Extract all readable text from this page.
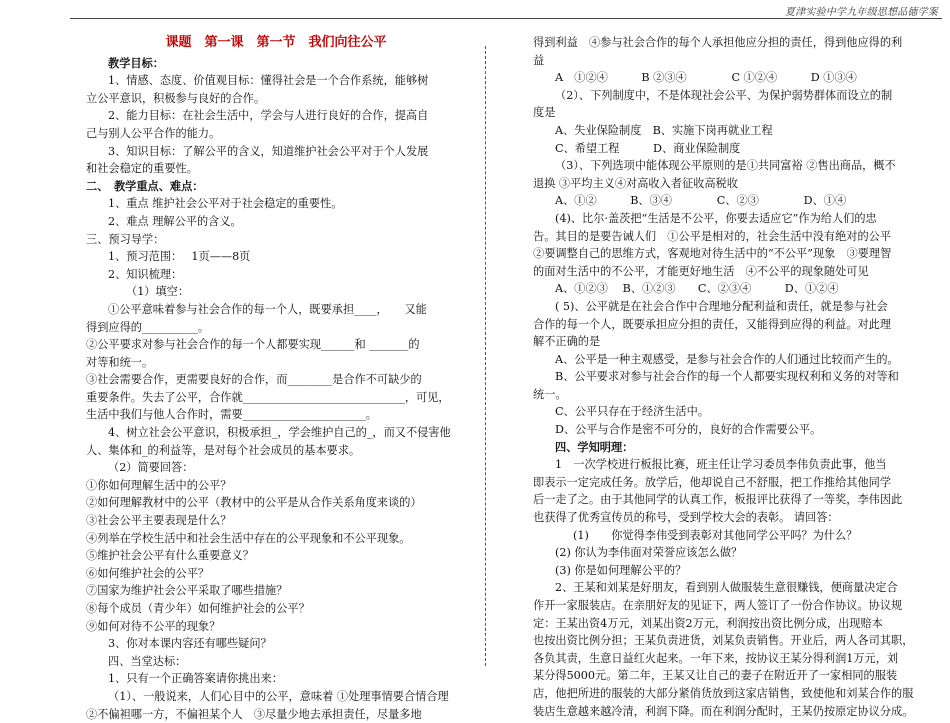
夏津实验中学九年级思想品德学案

课题　第一课　第一节　我们向往公平

教学目标：

1、情感、态度、价值观目标：懂得社会是一个合作系统，能够树

立公平意识，积极参与良好的合作。

2、能力目标：在社会生活中，学会与人进行良好的合作，提高自

己与别人公平合作的能力。

3、知识目标：了解公平的含义，知道维护社会公平对于个人发展

和社会稳定的重要性。

二、　教学重点、难点：

1、重点 维护社会公平对于社会稳定的重要性。

2、难点 理解公平的含义。

三、预习导学：

1、预习范围：　 1页——8页

2、知识梳理：

（1）填空：

①公平意味着参与社会合作的每一个人，既要承担____，　　又能

得到应得的__________。

②公平要求对参与社会合作的每一个人都要实现______和 _______的

对等和统一。

③社会需要合作，更需要良好的合作，而________是合作不可缺少的

重要条件。失去了公平，合作就_____________________________，可见，

生活中我们与他人合作时，需要______________________。

4、树立社会公平意识，积极承担_，学会维护自己的_，而又不侵害他

人、集体和_的利益等，是对每个社会成员的基本要求。

（2）简要回答：

①你如何理解生活中的公平？

②如何理解教材中的公平（教材中的公平是从合作关系角度来谈的）

③社会公平主要表现是什么？

④列举在学校生活中和社会生活中存在的公平现象和不公平现象。

⑤维护社会公平有什么重要意义？

⑥如何维护社会的公平？

⑦国家为维护社会公平采取了哪些措施？

⑧每个成员（青少年）如何维护社会的公平？

⑨如何对待不公平的现象？

3、你对本课内容还有哪些疑问？

四、当堂达标：

1、只有一个正确答案请你挑出来：

（1）、一般说来，人们心目中的公平，意味着 ①处理事情要合情合理

②不偏袒哪一方，不偏袒某个人　③尽量少地去承担责任，尽量多地

得到利益　④参与社会合作的每个人承担他应分担的责任，得到他应得的利

益

A　①②④　　　B ②③④　　　　C ①②④　　　D ①③④

（2）、下列制度中，不是体现社会公平、为保护弱势群体而设立的制

度是

A、失业保险制度　B、实施下岗再就业工程

C、希望工程　　　D、商业保险制度

（3）、下列选项中能体现公平原则的是①共同富裕 ②售出商品，概不

退换 ③平均主义④对高收入者征收高税收

A、①②　　　B、③④　　　　C、②③　　　　D、①④

(4)、比尔·盖茨把“生活是不公平，你要去适应它”作为给人们的忠

告。其目的是要告诫人们　①公平是相对的，社会生活中没有绝对的公平

②要调整自己的思维方式，客观地对待生活中的“不公平”现象　③要理智

的面对生活中的不公平，才能更好地生活　④不公平的现象随处可见

A、①②③　 B、①②③　　C、②③④　　　D、①②④

( 5)、公平就是在社会合作中合理地分配利益和责任，就是参与社会

合作的每一个人，既要承担应分担的责任，又能得到应得的利益。对此理

解不正确的是

A、公平是一种主观感受，是参与社会合作的人们通过比较而产生的。

B、公平要求对参与社会合作的每一个人都要实现权利和义务的对等和

统一。

C、公平只存在于经济生活中。

D、公平与合作是密不可分的，良好的合作需要公平。

四、学知明理：

1　一次学校进行板报比赛，班主任让学习委员李伟负责此事，他当

即表示一定完成任务。放学后，他却说自己不舒服，把工作推给其他同学

后一走了之。由于其他同学的认真工作，板报评比获得了一等奖，李伟因此

也获得了优秀宣传员的称号，受到学校大会的表彰。 请回答：

(1)　　你觉得李伟受到表彰对其他同学公平吗？为什么？

(2) 你认为李伟面对荣誉应该怎么做？

(3) 你是如何理解公平的？

2、王某和刘某是好朋友，看到别人做服装生意很赚钱，便商量决定合

作开一家服装店。在亲朋好友的见证下，两人签订了一份合作协议。协议规

定：王某出资4万元，刘某出资2万元，利润按出资比例分成，出现赔本

也按出资比例分担；王某负责进货，刘某负责销售。开业后，两人各司其职，

各负其责，生意日益红火起来。一年下来，按协议王某分得利润1万元，刘

某分得5000元。第二年，王某又让自己的妻子在附近开了一家相同的服装

店，他把所进的服装的大部分紧俏货放到这家店销售，致使他和刘某合作的服

装店生意越来越冷清，利润下降。而在利润分配时，王某仍按原定协议分成。
